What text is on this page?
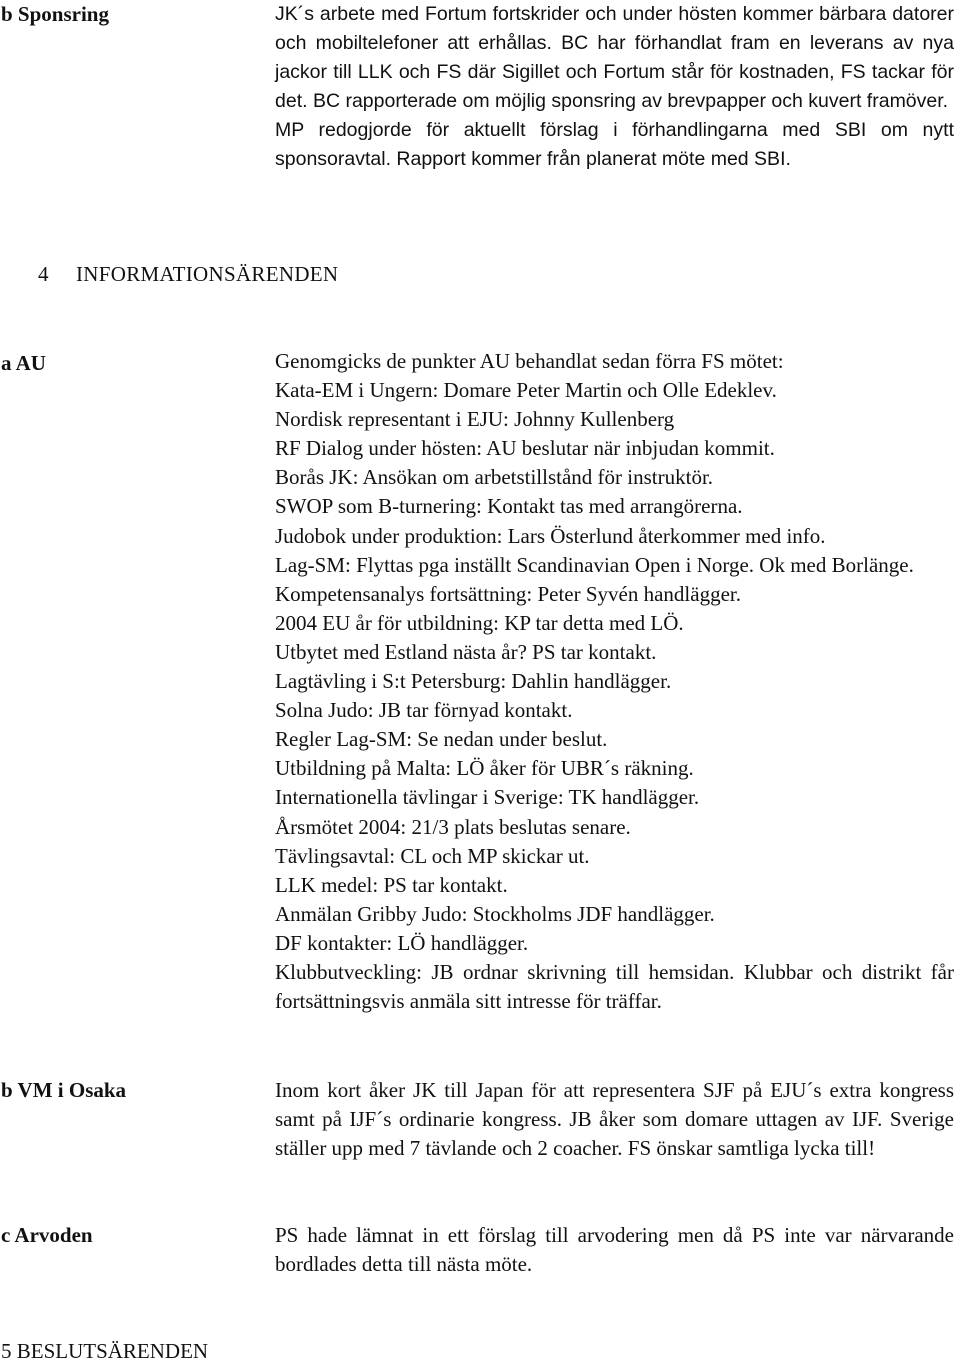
b Sponsring	JK´s arbete med Fortum fortskrider och under hösten kommer bärbara datorer och mobiltelefoner att erhållas. BC har förhandlat fram en leverans av nya jackor till LLK och FS där Sigillet och Fortum står för kostnaden, FS tackar för det. BC rapporterade om möjlig sponsring av brevpapper och kuvert framöver.

MP redogjorde för aktuellt förslag i förhandlingarna med SBI om nytt sponsoravtal. Rapport kommer från planerat möte med SBI.

4 INFORMATIONSÄRENDEN
a AU	Genomgicks de punkter AU behandlat sedan förra FS mötet:
Kata-EM i Ungern: Domare Peter Martin och Olle Edeklev.
Nordisk representant i EJU: Johnny Kullenberg
RF Dialog under hösten: AU beslutar när inbjudan kommit.
Borås JK: Ansökan om arbetstillstånd för instruktör.
SWOP som B-turnering: Kontakt tas med arrangörerna.
Judobok under produktion: Lars Österlund återkommer med info.
Lag-SM: Flyttas pga inställt Scandinavian Open i Norge. Ok med Borlänge.
Kompetensanalys fortsättning: Peter Syvén handlägger.
2004 EU år för utbildning: KP tar detta med LÖ.
Utbytet med Estland nästa år? PS tar kontakt.
Lagtävling i S:t Petersburg: Dahlin handlägger.
Solna Judo: JB tar förnyad kontakt.
Regler Lag-SM: Se nedan under beslut.
Utbildning på Malta: LÖ åker för UBR´s räkning.
Internationella tävlingar i Sverige: TK handlägger.
Årsmötet 2004: 21/3 plats beslutas senare.
Tävlingsavtal: CL och MP skickar ut.
LLK medel: PS tar kontakt.
Anmälan Gribby Judo: Stockholms JDF handlägger.
DF kontakter: LÖ handlägger.
Klubbutveckling: JB ordnar skrivning till hemsidan. Klubbar och distrikt får fortsättningsvis anmäla sitt intresse för träffar.
b VM i Osaka	Inom kort åker JK till Japan för att representera SJF på EJU´s extra kongress samt på IJF´s ordinarie kongress. JB åker som domare uttagen av IJF. Sverige ställer upp med 7 tävlande och 2 coacher. FS önskar samtliga lycka till!

c Arvoden	PS hade lämnat in ett förslag till arvodering men då PS inte var närvarande bordlades detta till nästa möte.

5 BESLUTSÄRENDEN
